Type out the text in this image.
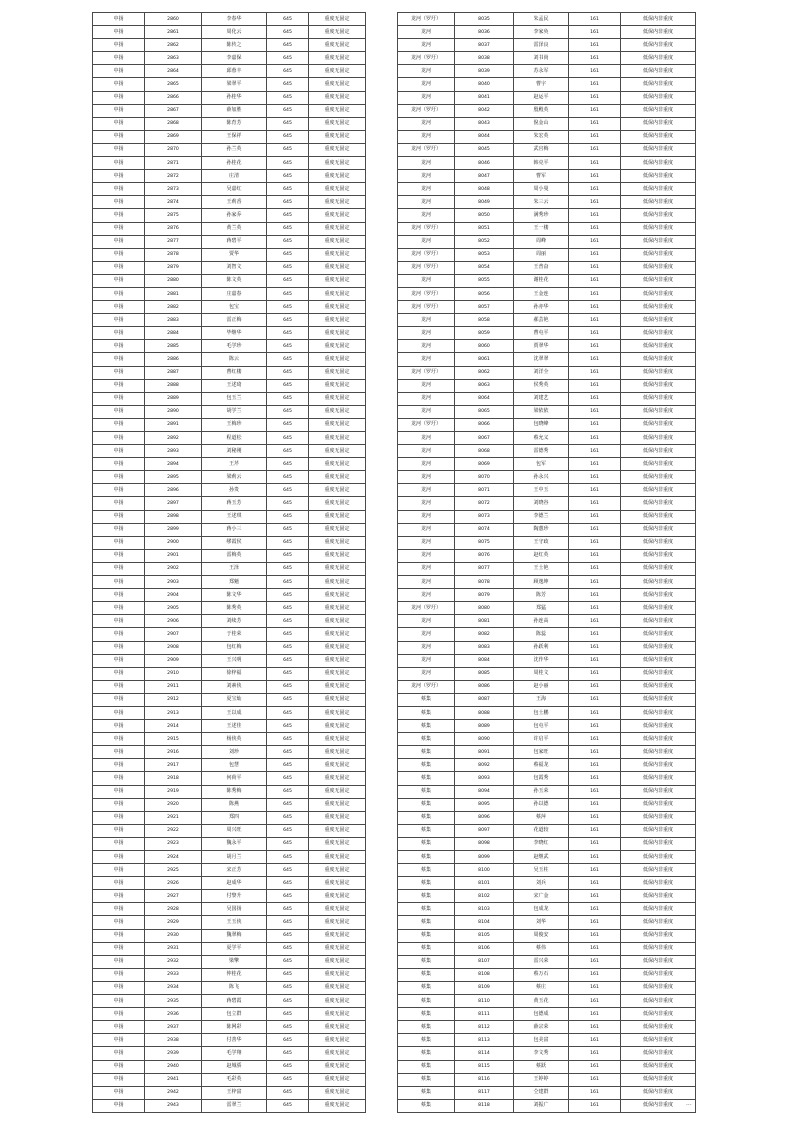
中扬	2860	李春华	645	重度无固定
中扬	2861	周化云	645	重度无固定
中扬	2862	陈传之	645	重度无固定
中扬	2863	李嘉保	645	重度无固定
中扬	2864	邱蓉丰	645	重度无固定
中扬	2865	梁翠平	645	重度无固定
中扬	2866	孙桂华	645	重度无固定
中扬	2867	薛加胜	645	重度无固定
中扬	2868	陈育芳	645	重度无固定
中扬	2869	王保祥	645	重度无固定
中扬	2870	孙兰英	645	重度无固定
中扬	2871	孙桂花	645	重度无固定
中扬	2872	庄清	645	重度无固定
中扬	2873	吴嘉红	645	重度无固定
中扬	2874	王莉香	645	重度无固定
中扬	2875	孙家乔	645	重度无固定
中扬	2876	黄兰英	645	重度无固定
中扬	2877	蒋碧平	645	重度无固定
中扬	2878	贾华	645	重度无固定
中扬	2879	刘智文	645	重度无固定
中扬	2880	陈文英	645	重度无固定
中扬	2881	庄嘉春	645	重度无固定
中扬	2882	包宝	645	重度无固定
中扬	2883	雷正梅	645	重度无固定
中扬	2884	毕继华	645	重度无固定
中扬	2885	毛学珍	645	重度无固定
中扬	2886	陈云	645	重度无固定
中扬	2887	曹红楼	645	重度无固定
中扬	2888	王述琦	645	重度无固定
中扬	2889	包玉兰	645	重度无固定
中扬	2890	胡学兰	645	重度无固定
中扬	2891	王梅珍	645	重度无固定
中扬	2892	程道松	645	重度无固定
中扬	2893	刘秘刚	645	重度无固定
中扬	2894	王芹	645	重度无固定
中扬	2895	梁莉云	645	重度无固定
中扬	2896	孙贵	645	重度无固定
中扬	2897	蒋玉芳	645	重度无固定
中扬	2898	王述琪	645	重度无固定
中扬	2899	蒋小三	645	重度无固定
中扬	2900	缪霞侯	645	重度无固定
中扬	2901	雷梅英	645	重度无固定
中扬	2902	王泽	645	重度无固定
中扬	2903	郑魁	645	重度无固定
中扬	2904	陈文华	645	重度无固定
中扬	2905	陈秀英	645	重度无固定
中扬	2906	刘续芳	645	重度无固定
中扬	2907	于桂荣	645	重度无固定
中扬	2908	包红梅	645	重度无固定
中扬	2909	王兴明	645	重度无固定
中扬	2910	徐梓福	645	重度无固定
中扬	2911	刘素侠	645	重度无固定
中扬	2912	夏宝灿	645	重度无固定
中扬	2913	王以成	645	重度无固定
中扬	2914	王述佳	645	重度无固定
中扬	2915	杨侠英	645	重度无固定
中扬	2916	刘珍	645	重度无固定
中扬	2917	包慧	645	重度无固定
中扬	2918	何荷平	645	重度无固定
中扬	2919	陈秀梅	645	重度无固定
中扬	2920	陈燕	645	重度无固定
中扬	2921	郑四	645	重度无固定
中扬	2922	周兴旺	645	重度无固定
中扬	2923	魏永平	645	重度无固定
中扬	2924	胡月兰	645	重度无固定
中扬	2925	宋正芳	645	重度无固定
中扬	2926	赵成华	645	重度无固定
中扬	2927	付黎升	645	重度无固定
中扬	2928	吴国扬	645	重度无固定
中扬	2929	王玉侠	645	重度无固定
中扬	2930	魏翠梅	645	重度无固定
中扬	2931	夏学平	645	重度无固定
中扬	2932	梁擎	645	重度无固定
中扬	2933	仲桂花	645	重度无固定
中扬	2934	陈飞	645	重度无固定
中扬	2935	蒋碧霞	645	重度无固定
中扬	2936	包立群	645	重度无固定
中扬	2937	陈网彩	645	重度无固定
中扬	2938	付善华	645	重度无固定
中扬	2939	毛学翔	645	重度无固定
中扬	2940	赵城骄	645	重度无固定
中扬	2941	毛彩英	645	重度无固定
中扬	2942	王梓富	645	重度无固定
中扬	2943	雷翠兰	645	重度无固定
龙河（罗圩）	8035	朱孟民	161	低保内非重度
龙河	8036	李家奂	161	低保内非重度
龙河	8037	雷泽良	161	低保内非重度
龙河（罗圩）	8038	刘书尚	161	低保内非重度
龙河	8039	苏永军	161	低保内非重度
龙河	8040	曹宇	161	低保内非重度
龙河	8041	赵运平	161	低保内非重度
龙河（罗圩）	8042	殷殿英	161	低保内非重度
龙河	8043	倪金山	161	低保内非重度
龙河	8044	朱宏英	161	低保内非重度
龙河（罗圩）	8045	武官梅	161	低保内非重度
龙河	8046	韩克平	161	低保内非重度
龙河	8047	曹军	161	低保内非重度
龙河	8048	周小曼	161	低保内非重度
龙河	8049	朱三云	161	低保内非重度
龙河	8050	满秀珍	161	低保内非重度
龙河（罗圩）	8051	王一楼	161	低保内非重度
龙河	8052	周峰	161	低保内非重度
龙河（罗圩）	8053	周丽	161	低保内非重度
龙河（罗圩）	8054	王普奋	161	低保内非重度
龙河	8055	谢桂花	161	低保内非重度
龙河（罗圩）	8056	王金连	161	低保内非重度
龙河（罗圩）	8057	孙亦华	161	低保内非重度
龙河	8058	郝芸艳	161	低保内非重度
龙河	8059	曹屯平	161	低保内非重度
龙河	8060	贾翠华	161	低保内非重度
龙河	8061	沈翠翠	161	低保内非重度
龙河（罗圩）	8062	刘洋全	161	低保内非重度
龙河	8063	侯秀英	161	低保内非重度
龙河	8064	刘建艺	161	低保内非重度
龙河	8065	梁依依	161	低保内非重度
龙河（罗圩）	8066	包晓峰	161	低保内非重度
龙河	8067	蔡允义	161	低保内非重度
龙河	8068	雷德秀	161	低保内非重度
龙河	8069	包军	161	低保内非重度
龙河	8070	孙永兴	161	低保内非重度
龙河	8071	王中玉	161	低保内非重度
龙河	8072	刘晓谷	161	低保内非重度
龙河	8073	李德兰	161	低保内非重度
龙河	8074	陶蕙珍	161	低保内非重度
龙河	8075	王守政	161	低保内非重度
龙河	8076	赵红英	161	低保内非重度
龙河	8077	王士艳	161	低保内非重度
龙河	8078	顾逸坤	161	低保内非重度
龙河	8079	陈芳	161	低保内非重度
龙河（罗圩）	8080	郑猛	161	低保内非重度
龙河	8081	孙连高	161	低保内非重度
龙河	8082	陈蕊	161	低保内非重度
龙河	8083	孙跃利	161	低保内非重度
龙河	8084	沈作华	161	低保内非重度
龙河	8085	周桂文	161	低保内非重度
龙河（罗圩）	8086	赵小丽	161	低保内非重度
蔡集	8087	王海	161	低保内非重度
蔡集	8088	包士鹏	161	低保内非重度
蔡集	8089	包屯平	161	低保内非重度
蔡集	8090	许启平	161	低保内非重度
蔡集	8091	包家旺	161	低保内非重度
蔡集	8092	蔡福龙	161	低保内非重度
蔡集	8093	包霞秀	161	低保内非重度
蔡集	8094	孙玉荣	161	低保内非重度
蔡集	8095	孙以德	161	低保内非重度
蔡集	8096	蔡萍	161	低保内非重度
蔡集	8097	花道较	161	低保内非重度
蔡集	8098	李晓红	161	低保内非重度
蔡集	8099	赵继武	161	低保内非重度
蔡集	8100	吴玉柱	161	低保内非重度
蔡集	8101	刘兵	161	低保内非重度
蔡集	8102	宋广金	161	低保内非重度
蔡集	8103	包成龙	161	低保内非重度
蔡集	8104	刘华	161	低保内非重度
蔡集	8105	周俊安	161	低保内非重度
蔡集	8106	蔡伟	161	低保内非重度
蔡集	8107	雷兴荣	161	低保内非重度
蔡集	8108	蔡万石	161	低保内非重度
蔡集	8109	蔡庄	161	低保内非重度
蔡集	8110	黄玉花	161	低保内非重度
蔡集	8111	包德成	161	低保内非重度
蔡集	8112	薛宗荣	161	低保内非重度
蔡集	8113	包美富	161	低保内非重度
蔡集	8114	李文秀	161	低保内非重度
蔡集	8115	蔡跃	161	低保内非重度
蔡集	8116	王婷婷	161	低保内非重度
蔡集	8117	仝建群	161	低保内非重度
蔡集	8118	刘振广	161	低保内非重度 ...
